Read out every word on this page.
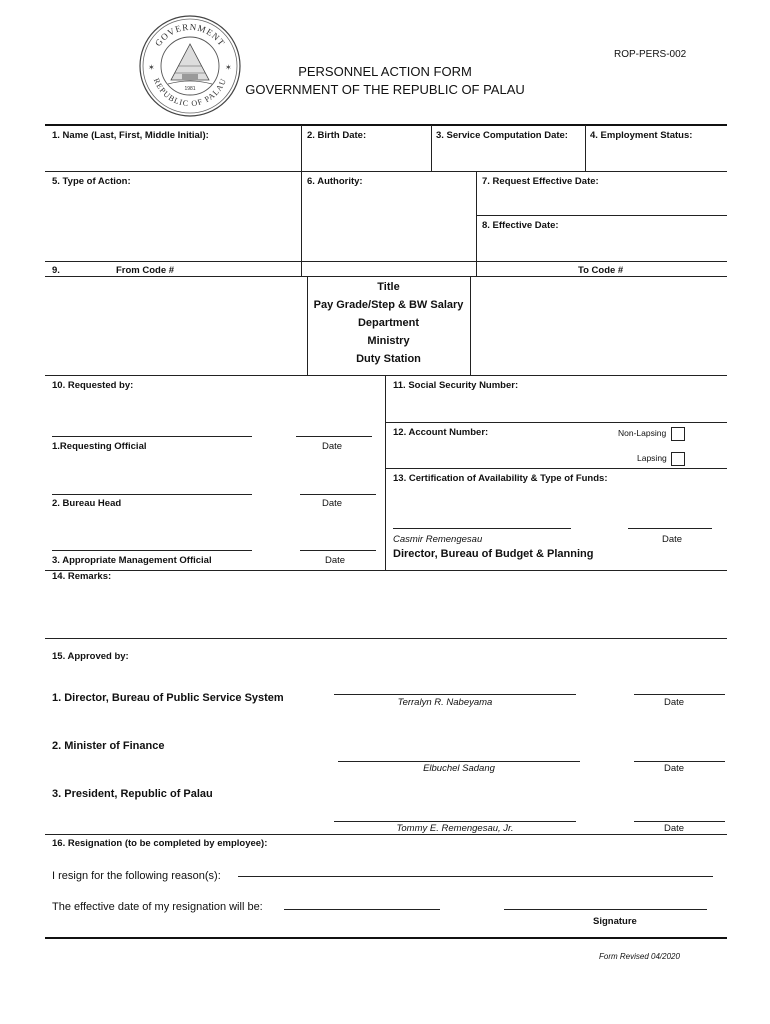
GOVERNMENT
REPUBLIC OF PALAU
✶	✶
1981
ROP-PERS-002
PERSONNEL ACTION FORM
GOVERNMENT OF THE REPUBLIC OF PALAU
1. Name (Last, First, Middle Initial):	2. Birth Date:	3. Service Computation Date: 4. Employment Status:
5. Type of Action:	6. Authority:	7. Request Effective Date:
8. Effective Date:
9.	From Code #	To Code #
Title
Pay Grade/Step & BW Salary
Department
Ministry
Duty Station
10. Requested by:
1.Requesting Official	Date
2. Bureau Head	Date
3. Appropriate Management Official	Date
11. Social Security Number:
12. Account Number:	Non-Lapsing
Lapsing
13. Certification of Availability & Type of Funds:
Casmir Remengesau	Date
Director, Bureau of Budget & Planning
14. Remarks:
15. Approved by:
1. Director, Bureau of Public Service System	Terralyn R. Nabeyama	Date
2. Minister of Finance
Elbuchel Sadang	Date
3. President, Republic of Palau
Tommy E. Remengesau, Jr.	Date
16. Resignation (to be completed by employee):
I resign for the following reason(s):
The effective date of my resignation will be:
Signature
Form Revised 04/2020
